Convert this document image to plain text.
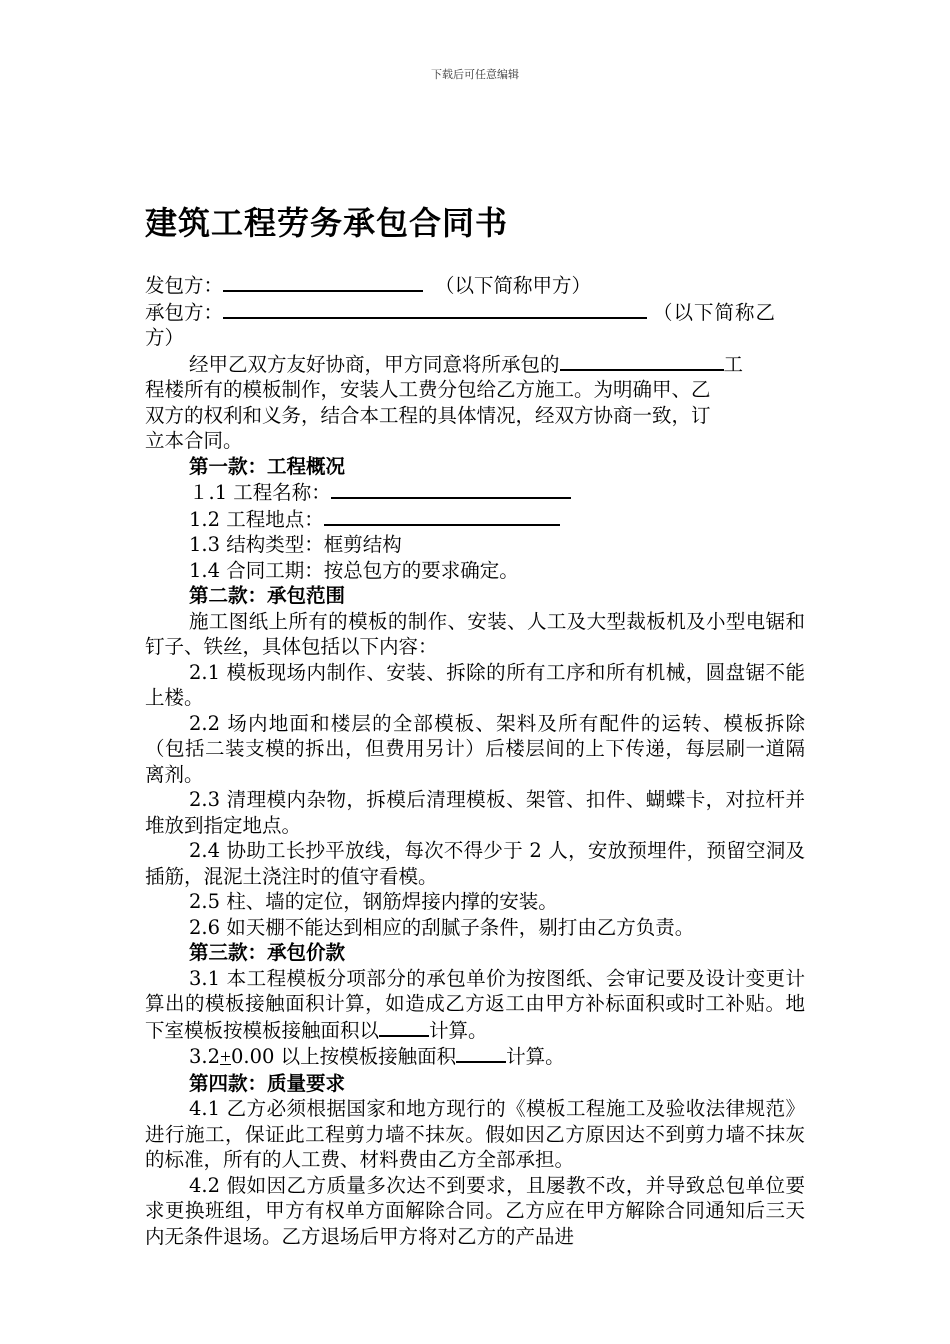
下载后可任意编辑
建筑工程劳务承包合同书

发包方：	（以下简称甲方）

承包方：	（以下简称乙
方）

经甲乙双方友好协商，甲方同意将所承包的	工
程楼所有的模板制作，安装人工费分包给乙方施工。为明确甲、乙
双方的权利和义务，结合本工程的具体情况，经双方协商一致，订
立本合同。

第一款：工程概况

１.1 工程名称：

1.2 工程地点：

1.3 结构类型：框剪结构

1.4 合同工期：按总包方的要求确定。

第二款：承包范围

施工图纸上所有的模板的制作、安装、人工及大型裁板机及小型电锯和钉子、铁丝，具体包括以下内容：

2.1 模板现场内制作、安装、拆除的所有工序和所有机械，圆盘锯不能上楼。

2.2 场内地面和楼层的全部模板、架料及所有配件的运转、模板拆除（包括二装支模的拆出，但费用另计）后楼层间的上下传递，每层刷一道隔离剂。

2.3 清理模内杂物，拆模后清理模板、架管、扣件、蝴蝶卡，对拉杆并堆放到指定地点。

2.4 协助工长抄平放线，每次不得少于 2 人，安放预埋件，预留空洞及插筋，混泥土浇注时的值守看模。

2.5 柱、墙的定位，钢筋焊接内撑的安装。

2.6 如天棚不能达到相应的刮腻子条件，剔打由乙方负责。

第三款：承包价款

3.1 本工程模板分项部分的承包单价为按图纸、会审记要及设计变更计算出的模板接触面积计算，如造成乙方返工由甲方补标面积或时工补贴。地下室模板按模板接触面积以	计算。

3.2+0.00 以上按模板接触面积	计算。

第四款：质量要求

4.1 乙方必须根据国家和地方现行的《模板工程施工及验收法律规范》进行施工，保证此工程剪力墙不抹灰。假如因乙方原因达不到剪力墙不抹灰的标准，所有的人工费、材料费由乙方全部承担。

4.2 假如因乙方质量多次达不到要求，且屡教不改，并导致总包单位要求更换班组，甲方有权单方面解除合同。乙方应在甲方解除合同通知后三天内无条件退场。乙方退场后甲方将对乙方的产品进
